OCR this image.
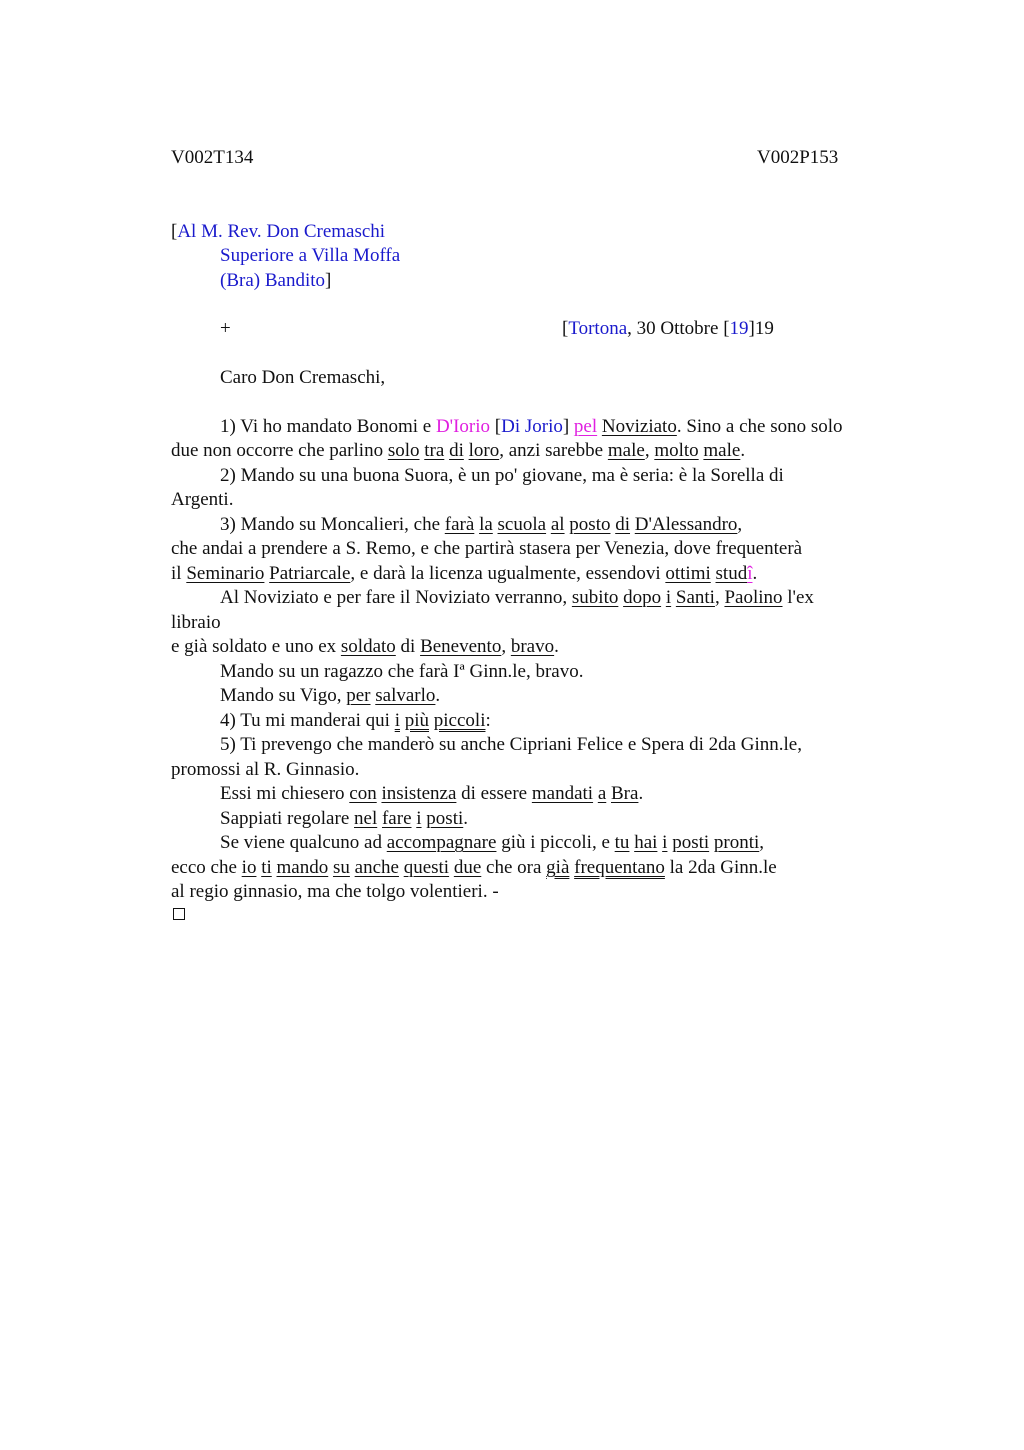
V002T134	V002P153
[Al M. Rev. Don Cremaschi
Superiore a Villa Moffa
(Bra) Bandito]
+	[Tortona, 30 Ottobre [19]19
Caro Don Cremaschi,
1) Vi ho mandato Bonomi e D'Iorio [Di Jorio] pel Noviziato. Sino a che sono solo
due non occorre che parlino solo tra di loro, anzi sarebbe male, molto male.
2) Mando su una buona Suora, è un po' giovane, ma è seria: è la Sorella di
Argenti.
3) Mando su Moncalieri, che farà la scuola al posto di D'Alessandro,
che andai a prendere a S. Remo, e che partirà stasera per Venezia, dove frequenterà
il Seminario Patriarcale, e darà la licenza ugualmente, essendovi ottimi studî.
Al Noviziato e per fare il Noviziato verranno, subito dopo i Santi, Paolino l'ex
libraio
e già soldato e uno ex soldato di Benevento, bravo.
Mando su un ragazzo che farà Iª Ginn.le, bravo.
Mando su Vigo, per salvarlo.
4) Tu mi manderai qui i più piccoli:
5) Ti prevengo che manderò su anche Cipriani Felice e Spera di 2da Ginn.le,
promossi al R. Ginnasio.
Essi mi chiesero con insistenza di essere mandati a Bra.
Sappiati regolare nel fare i posti.
Se viene qualcuno ad accompagnare giù i piccoli, e tu hai i posti pronti,
ecco che io ti mando su anche questi due che ora già frequentano la 2da Ginn.le
al regio ginnasio, ma che tolgo volentieri. -
